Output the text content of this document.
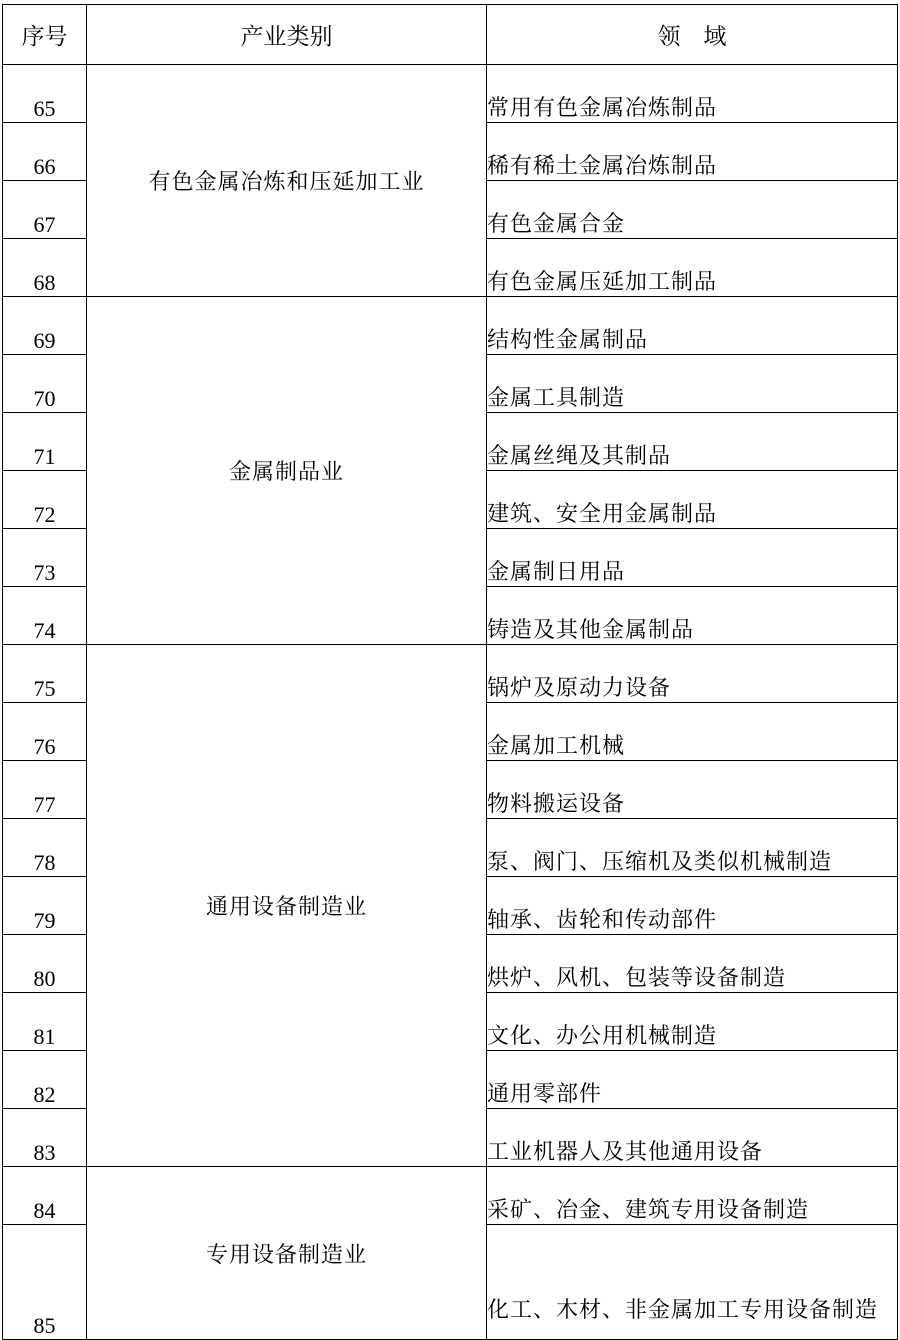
序号	产业类别	领　域
65	有色金属冶炼和压延加工业	常用有色金属冶炼制品
66		稀有稀土金属冶炼制品
67		有色金属合金
68		有色金属压延加工制品
69	金属制品业	结构性金属制品
70		金属工具制造
71		金属丝绳及其制品
72		建筑、安全用金属制品
73		金属制日用品
74		铸造及其他金属制品
75	通用设备制造业	锅炉及原动力设备
76		金属加工机械
77		物料搬运设备
78		泵、阀门、压缩机及类似机械制造
79		轴承、齿轮和传动部件
80		烘炉、风机、包装等设备制造
81		文化、办公用机械制造
82		通用零部件
83		工业机器人及其他通用设备
84	专用设备制造业	采矿、冶金、建筑专用设备制造
85		化工、木材、非金属加工专用设备制造
